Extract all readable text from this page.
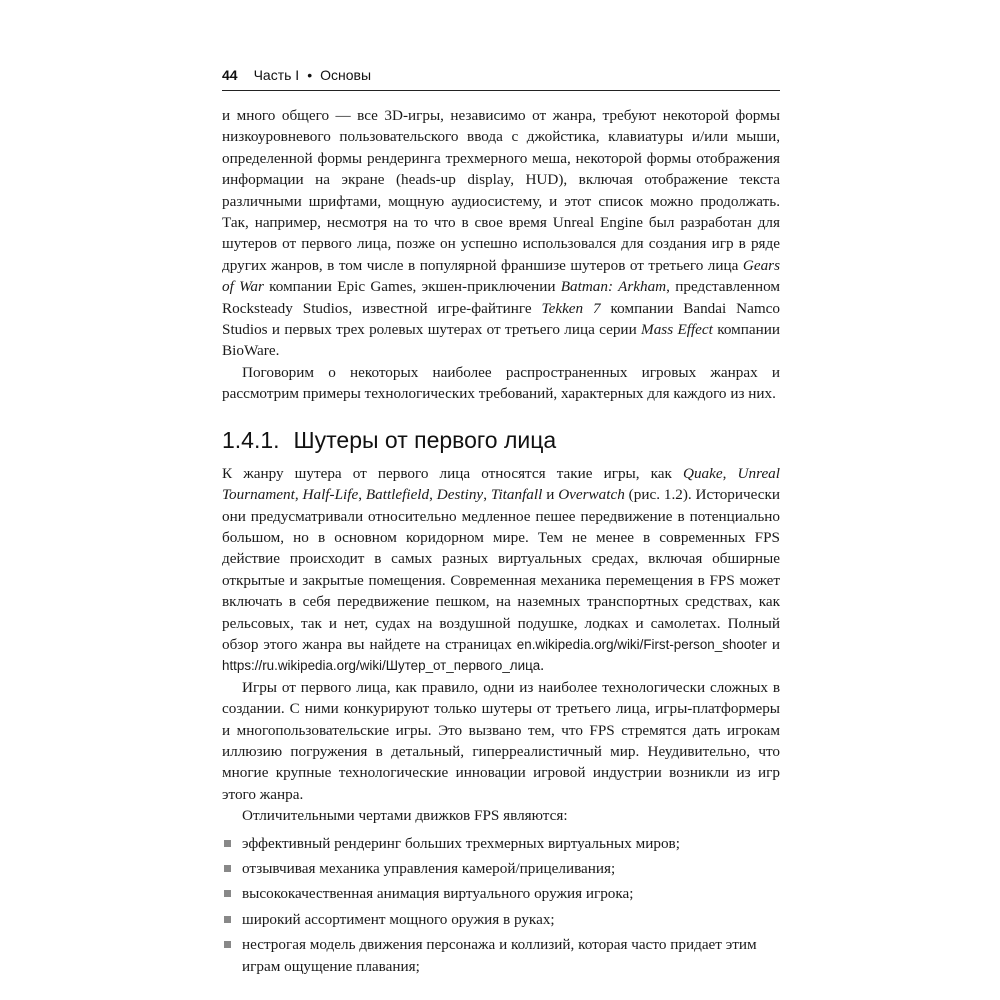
44 Часть I • Основы

и много общего — все 3D-игры, независимо от жанра, требуют некоторой формы низкоуровневого пользовательского ввода с джойстика, клавиатуры и/или мыши, определенной формы рендеринга трехмерного меша, некоторой формы отображения информации на экране (heads-up display, HUD), включая отображение текста различными шрифтами, мощную аудиосистему, и этот список можно продолжать. Так, например, несмотря на то что в свое время Unreal Engine был разработан для шутеров от первого лица, позже он успешно использовался для создания игр в ряде других жанров, в том числе в популярной франшизе шутеров от третьего лица Gears of War компании Epic Games, экшен-приключении Batman: Arkham, представленном Rocksteady Studios, известной игре-файтинге Tekken 7 компании Bandai Namco Studios и первых трех ролевых шутерах от третьего лица серии Mass Effect компании BioWare.

Поговорим о некоторых наиболее распространенных игровых жанрах и рассмотрим примеры технологических требований, характерных для каждого из них.

1.4.1. Шутеры от первого лица

К жанру шутера от первого лица относятся такие игры, как Quake, Unreal Tournament, Half-Life, Battlefield, Destiny, Titanfall и Overwatch (рис. 1.2). Исторически они предусматривали относительно медленное пешее передвижение в потенциально большом, но в основном коридорном мире. Тем не менее в современных FPS действие происходит в самых разных виртуальных средах, включая обширные открытые и закрытые помещения. Современная механика перемещения в FPS может включать в себя передвижение пешком, на наземных транспортных средствах, как рельсовых, так и нет, судах на воздушной подушке, лодках и самолетах. Полный обзор этого жанра вы найдете на страницах en.wikipedia.org/wiki/First-person_shooter и https://ru.wikipedia.org/wiki/Шутер_от_первого_лица.

Игры от первого лица, как правило, одни из наиболее технологически сложных в создании. С ними конкурируют только шутеры от третьего лица, игры-платформеры и многопользовательские игры. Это вызвано тем, что FPS стремятся дать игрокам иллюзию погружения в детальный, гиперреалистичный мир. Неудивительно, что многие крупные технологические инновации игровой индустрии возникли из игр этого жанра.

Отличительными чертами движков FPS являются:

эффективный рендеринг больших трехмерных виртуальных миров;
отзывчивая механика управления камерой/прицеливания;
высококачественная анимация виртуального оружия игрока;
широкий ассортимент мощного оружия в руках;
нестрогая модель движения персонажа и коллизий, которая часто придает этим играм ощущение плавания;
